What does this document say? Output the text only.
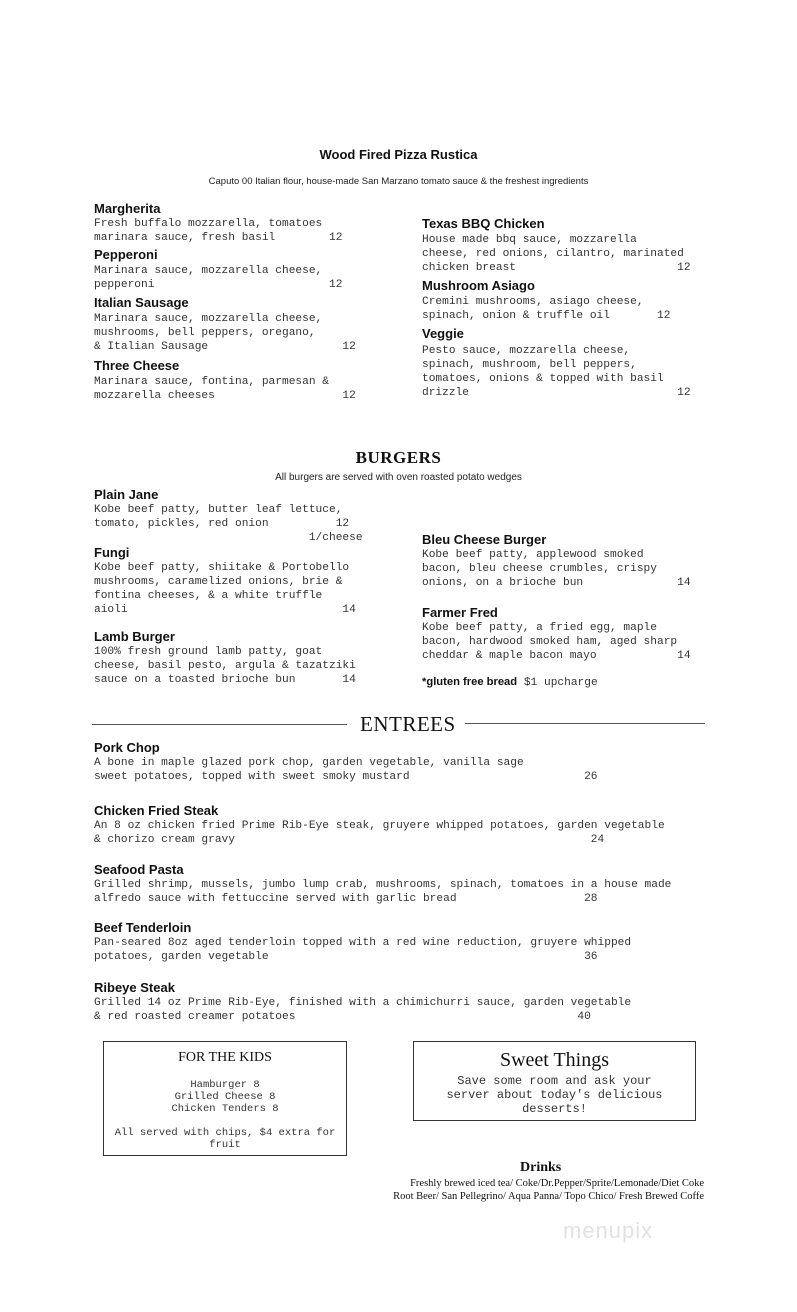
Wood Fired Pizza Rustica
Caputo 00 Italian flour, house-made San Marzano tomato sauce & the freshest ingredients
Margherita
Fresh buffalo mozzarella, tomatoes
marinara sauce, fresh basil        12
Pepperoni
Marinara sauce, mozzarella cheese,
pepperoni                          12
Italian Sausage
Marinara sauce, mozzarella cheese,
mushrooms, bell peppers, oregano,
& Italian Sausage                    12
Three Cheese
Marinara sauce, fontina, parmesan &
mozzarella cheeses                   12
Texas BBQ Chicken
House made bbq sauce, mozzarella
cheese, red onions, cilantro, marinated
chicken breast                        12
Mushroom Asiago
Cremini mushrooms, asiago cheese,
spinach, onion & truffle oil       12
Veggie
Pesto sauce, mozzarella cheese,
spinach, mushroom, bell peppers,
tomatoes, onions & topped with basil
drizzle                               12
BURGERS
All burgers are served with oven roasted potato wedges
Plain Jane
Kobe beef patty, butter leaf lettuce,
tomato, pickles, red onion          12
1/cheese
Fungi
Kobe beef patty, shiitake & Portobello
mushrooms, caramelized onions, brie &
fontina cheeses, & a white truffle
aioli                                14
Lamb Burger
100% fresh ground lamb patty, goat
cheese, basil pesto, argula & tazatziki
sauce on a toasted brioche bun       14
Bleu Cheese Burger
Kobe beef patty, applewood smoked
bacon, bleu cheese crumbles, crispy
onions, on a brioche bun              14
Farmer Fred
Kobe beef patty, a fried egg, maple
bacon, hardwood smoked ham, aged sharp
cheddar & maple bacon mayo            14
*gluten free bread $1 upcharge
ENTREES
Pork Chop
A bone in maple glazed pork chop, garden vegetable, vanilla sage
sweet potatoes, topped with sweet smoky mustard                          26
Chicken Fried Steak
An 8 oz chicken fried Prime Rib-Eye steak, gruyere whipped potatoes, garden vegetable
& chorizo cream gravy                                                     24
Seafood Pasta
Grilled shrimp, mussels, jumbo lump crab, mushrooms, spinach, tomatoes in a house made
alfredo sauce with fettuccine served with garlic bread                   28
Beef Tenderloin
Pan-seared 8oz aged tenderloin topped with a red wine reduction, gruyere whipped
potatoes, garden vegetable                                               36
Ribeye Steak
Grilled 14 oz Prime Rib-Eye, finished with a chimichurri sauce, garden vegetable
& red roasted creamer potatoes                                          40
FOR THE KIDS
Hamburger 8
Grilled Cheese 8
Chicken Tenders 8
All served with chips, $4 extra for
fruit
Sweet Things
Save some room and ask your
server about today's delicious
desserts!
Drinks
Freshly brewed iced tea/ Coke/Dr.Pepper/Sprite/Lemonade/Diet Coke
Root Beer/ San Pellegrino/ Aqua Panna/ Topo Chico/ Fresh Brewed Coffe
menupix
